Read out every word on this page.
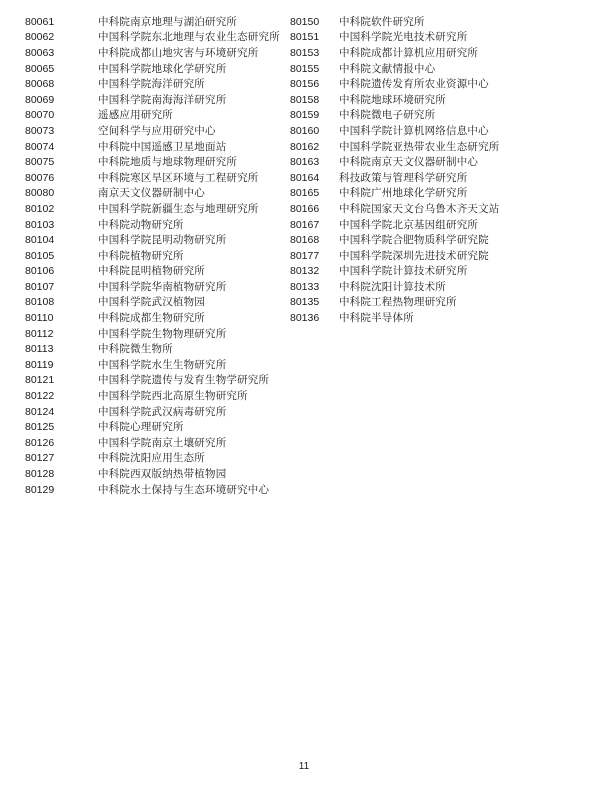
80061	中科院南京地理与湖泊研究所
80062	中国科学院东北地理与农业生态研究所
80063	中科院成都山地灾害与环境研究所
80065	中国科学院地球化学研究所
80068	中国科学院海洋研究所
80069	中国科学院南海海洋研究所
80070	遥感应用研究所
80073	空间科学与应用研究中心
80074	中科院中国遥感卫星地面站
80075	中科院地质与地球物理研究所
80076	中科院寒区旱区环境与工程研究所
80080	南京天文仪器研制中心
80102	中国科学院新疆生态与地理研究所
80103	中科院动物研究所
80104	中国科学院昆明动物研究所
80105	中科院植物研究所
80106	中科院昆明植物研究所
80107	中国科学院华南植物研究所
80108	中国科学院武汉植物园
80110	中科院成都生物研究所
80112	中国科学院生物物理研究所
80113	中科院微生物所
80119	中国科学院水生生物研究所
80121	中国科学院遗传与发育生物学研究所
80122	中国科学院西北高原生物研究所
80124	中国科学院武汉病毒研究所
80125	中科院心理研究所
80126	中国科学院南京土壤研究所
80127	中科院沈阳应用生态所
80128	中科院西双版纳热带植物园
80129	中科院水土保持与生态环境研究中心
80150	中科院软件研究所
80151	中国科学院光电技术研究所
80153	中科院成都计算机应用研究所
80155	中科院文献情报中心
80156	中科院遗传发育所农业资源中心
80158	中科院地球环境研究所
80159	中科院微电子研究所
80160	中国科学院计算机网络信息中心
80162	中国科学院亚热带农业生态研究所
80163	中科院南京天文仪器研制中心
80164	科技政策与管理科学研究所
80165	中科院广州地球化学研究所
80166	中科院国家天文台乌鲁木齐天文站
80167	中国科学院北京基因组研究所
80168	中国科学院合肥物质科学研究院
80177	中国科学院深圳先进技术研究院
80132	中国科学院计算技术研究所
80133	中科院沈阳计算技术所
80135	中科院工程热物理研究所
80136	中科院半导体所
11
